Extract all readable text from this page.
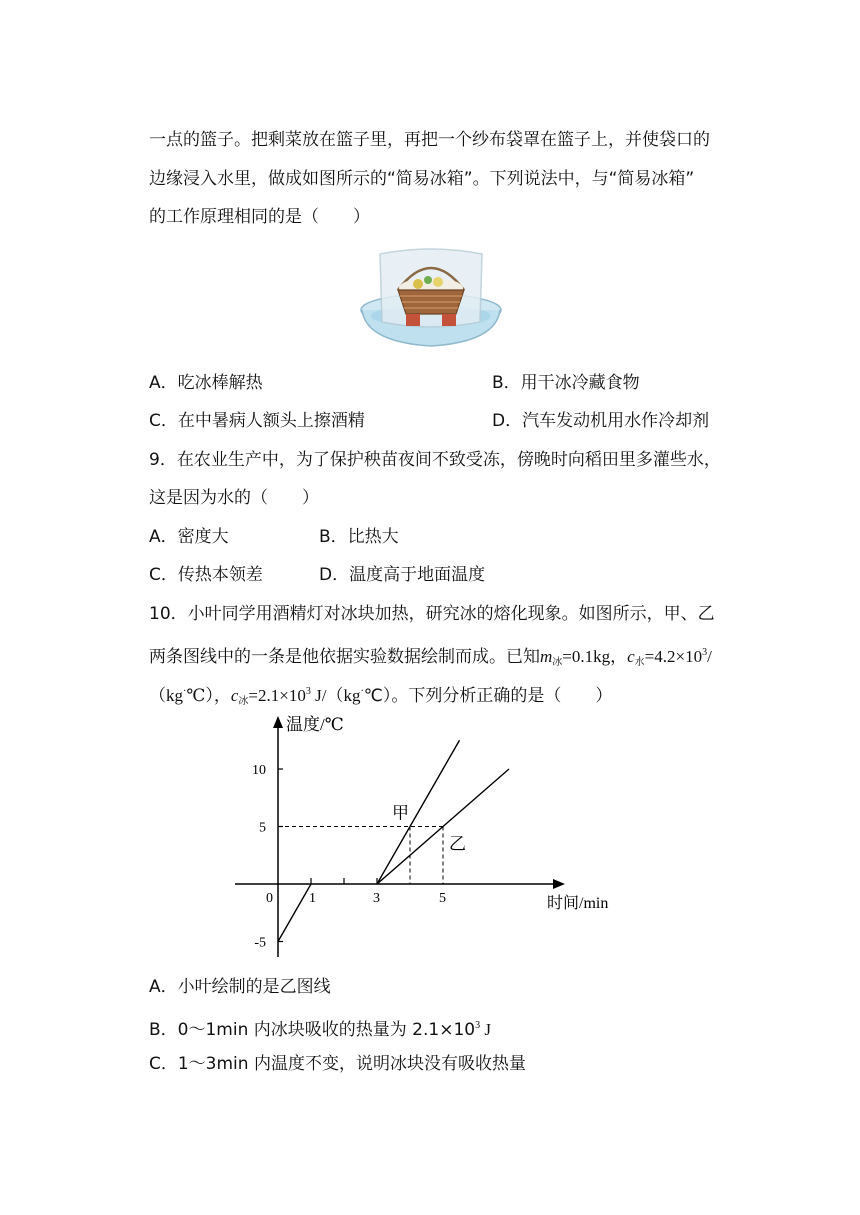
一点的篮子。把剩菜放在篮子里，再把一个纱布袋罩在篮子上，并使袋口的
边缘浸入水里，做成如图所示的“简易冰箱”。下列说法中，与“简易冰箱”
的工作原理相同的是（　　）
A．吃冰棒解热	B．用干冰冷藏食物
C．在中暑病人额头上擦酒精	D．汽车发动机用水作冷却剂
9．在农业生产中，为了保护秧苗夜间不致受冻，傍晚时向稻田里多灌些水，
这是因为水的（　　）
A．密度大	B．比热大
C．传热本领差	D．温度高于地面温度
10．小叶同学用酒精灯对冰块加热，研究冰的熔化现象。如图所示，甲、乙
两条图线中的一条是他依据实验数据绘制而成。已知$m_冰=0.1kg$，$c_水=4.2\times 10^3/$
（kg·℃），$c_冰=2.1\times 10^3$ J/（kg·℃）。下列分析正确的是（　　）
0	1	3	5
10
5
-5
温度/℃
时间/min
甲
乙
A．小叶绘制的是乙图线
B．0～1min 内冰块吸收的热量为 $2.1\times 10^3$ J
C．1～3min 内温度不变，说明冰块没有吸收热量
